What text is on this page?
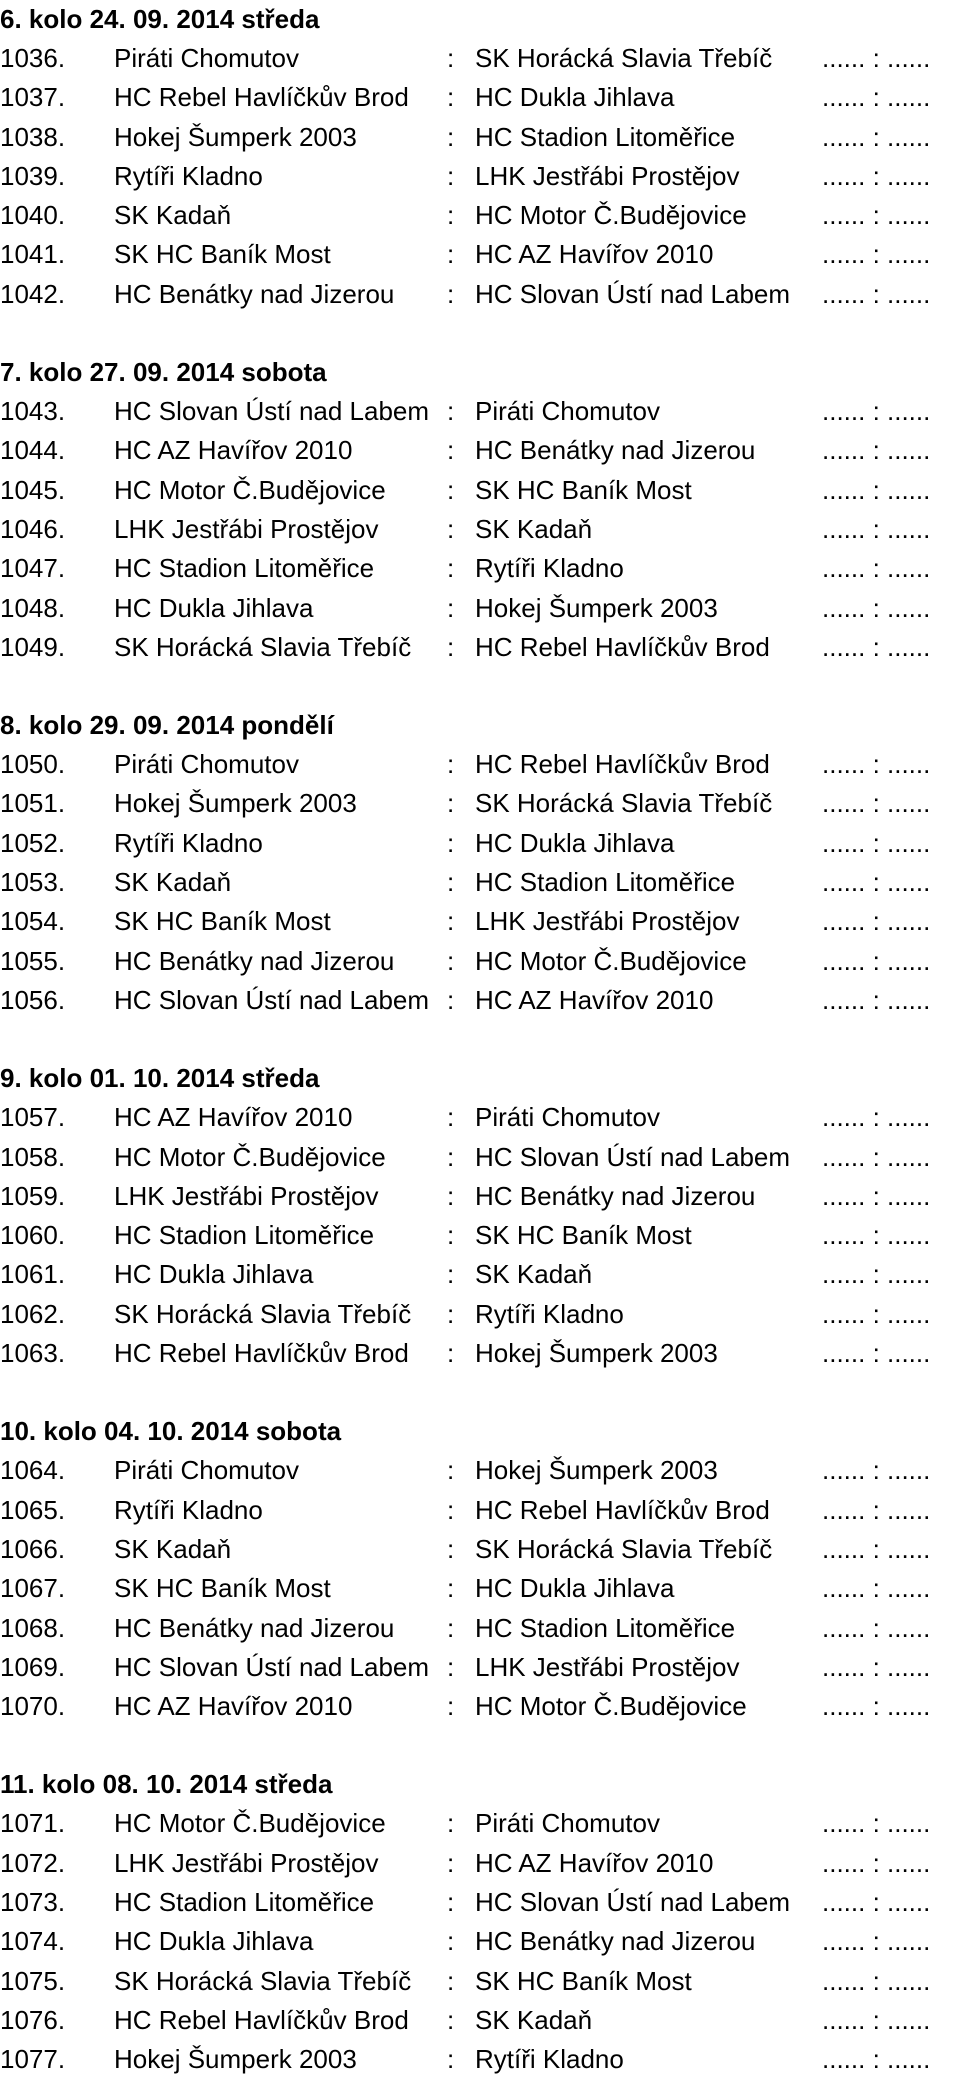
6. kolo 24. 09. 2014 středa
1036. Piráti Chomutov	: SK Horácká Slavia Třebíč ...... : ......
1037. HC Rebel Havlíčkův Brod : HC Dukla Jihlava	...... : ......
1038. Hokej Šumperk 2003	: HC Stadion Litoměřice	...... : ......
1039. Rytíři Kladno	: LHK Jestřábi Prostějov	...... : ......
1040. SK Kadaň	: HC Motor Č.Budějovice	...... : ......
1041. SK HC Baník Most	: HC AZ Havířov 2010	...... : ......
1042. HC Benátky nad Jizerou : HC Slovan Ústí nad Labem ...... : ......
7. kolo 27. 09. 2014 sobota
1043. HC Slovan Ústí nad Labem : Piráti Chomutov	...... : ......
1044. HC AZ Havířov 2010	: HC Benátky nad Jizerou	...... : ......
1045. HC Motor Č.Budějovice : SK HC Baník Most	...... : ......
1046. LHK Jestřábi Prostějov	: SK Kadaň	...... : ......
1047. HC Stadion Litoměřice	: Rytíři Kladno	...... : ......
1048. HC Dukla Jihlava	: Hokej Šumperk 2003	...... : ......
1049. SK Horácká Slavia Třebíč : HC Rebel Havlíčkův Brod ...... : ......
8. kolo 29. 09. 2014 pondělí
1050. Piráti Chomutov	: HC Rebel Havlíčkův Brod ...... : ......
1051. Hokej Šumperk 2003	: SK Horácká Slavia Třebíč ...... : ......
1052. Rytíři Kladno	: HC Dukla Jihlava	...... : ......
1053. SK Kadaň	: HC Stadion Litoměřice	...... : ......
1054. SK HC Baník Most	: LHK Jestřábi Prostějov	...... : ......
1055. HC Benátky nad Jizerou : HC Motor Č.Budějovice	...... : ......
1056. HC Slovan Ústí nad Labem : HC AZ Havířov 2010	...... : ......
9. kolo 01. 10. 2014 středa
1057. HC AZ Havířov 2010	: Piráti Chomutov	...... : ......
1058. HC Motor Č.Budějovice : HC Slovan Ústí nad Labem ...... : ......
1059. LHK Jestřábi Prostějov	: HC Benátky nad Jizerou	...... : ......
1060. HC Stadion Litoměřice	: SK HC Baník Most	...... : ......
1061. HC Dukla Jihlava	: SK Kadaň	...... : ......
1062. SK Horácká Slavia Třebíč : Rytíři Kladno	...... : ......
1063. HC Rebel Havlíčkův Brod : Hokej Šumperk 2003	...... : ......
10. kolo 04. 10. 2014 sobota
1064. Piráti Chomutov	: Hokej Šumperk 2003	...... : ......
1065. Rytíři Kladno	: HC Rebel Havlíčkův Brod ...... : ......
1066. SK Kadaň	: SK Horácká Slavia Třebíč ...... : ......
1067. SK HC Baník Most	: HC Dukla Jihlava	...... : ......
1068. HC Benátky nad Jizerou : HC Stadion Litoměřice	...... : ......
1069. HC Slovan Ústí nad Labem : LHK Jestřábi Prostějov	...... : ......
1070. HC AZ Havířov 2010	: HC Motor Č.Budějovice	...... : ......
11. kolo 08. 10. 2014 středa
1071. HC Motor Č.Budějovice : Piráti Chomutov	...... : ......
1072. LHK Jestřábi Prostějov	: HC AZ Havířov 2010	...... : ......
1073. HC Stadion Litoměřice	: HC Slovan Ústí nad Labem ...... : ......
1074. HC Dukla Jihlava	: HC Benátky nad Jizerou	...... : ......
1075. SK Horácká Slavia Třebíč : SK HC Baník Most	...... : ......
1076. HC Rebel Havlíčkův Brod : SK Kadaň	...... : ......
1077. Hokej Šumperk 2003	: Rytíři Kladno	...... : ......
